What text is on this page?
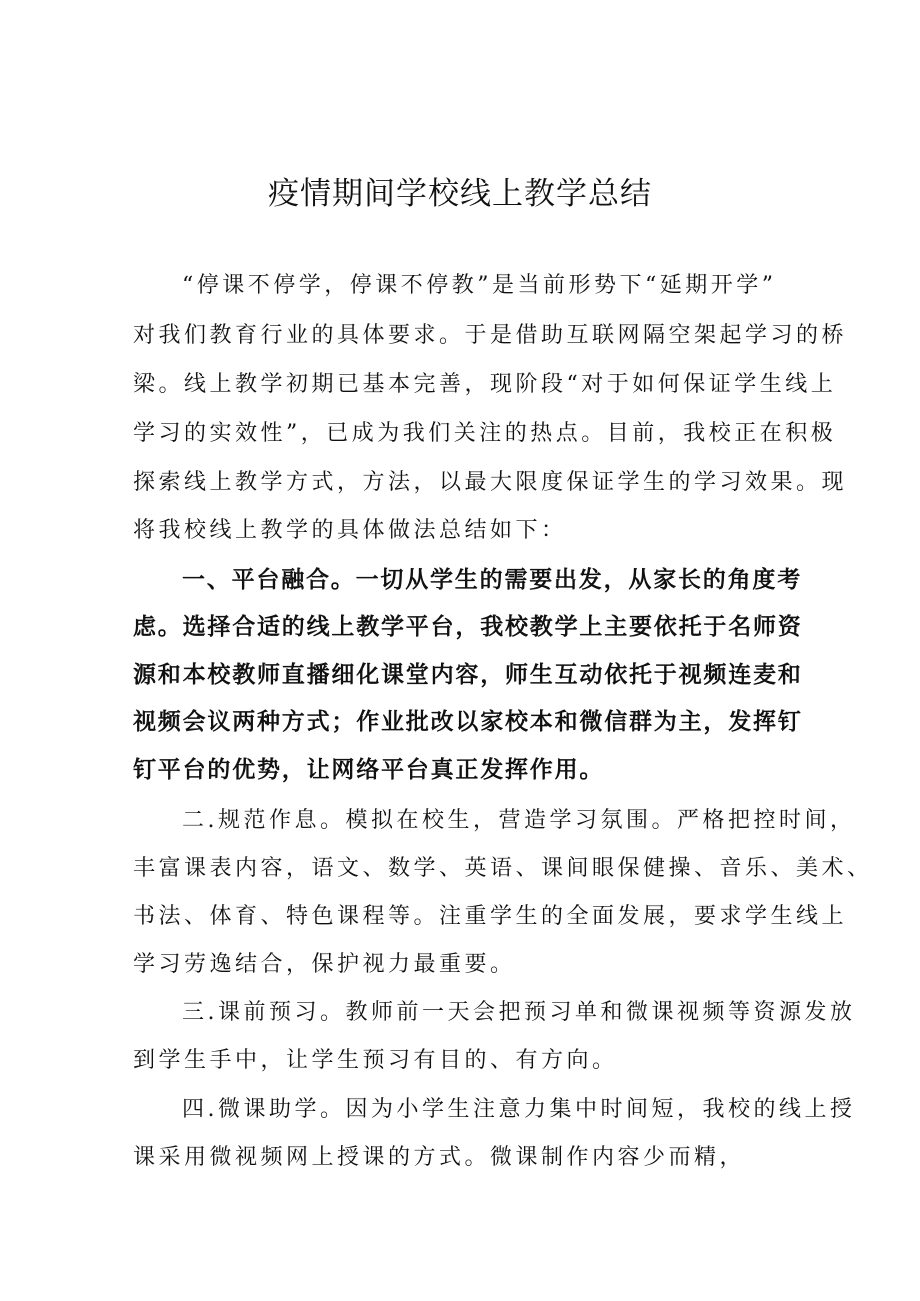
疫情期间学校线上教学总结
“停课不停学，停课不停教”是当前形势下“延期开学”
对我们教育行业的具体要求。于是借助互联网隔空架起学习的桥
梁。线上教学初期已基本完善，现阶段“对于如何保证学生线上
学习的实效性”，已成为我们关注的热点。目前，我校正在积极
探索线上教学方式，方法，以最大限度保证学生的学习效果。现
将我校线上教学的具体做法总结如下：
一、平台融合。一切从学生的需要出发，从家长的角度考
虑。选择合适的线上教学平台，我校教学上主要依托于名师资
源和本校教师直播细化课堂内容，师生互动依托于视频连麦和
视频会议两种方式；作业批改以家校本和微信群为主，发挥钉
钉平台的优势，让网络平台真正发挥作用。
二.规范作息。模拟在校生，营造学习氛围。严格把控时间，
丰富课表内容，语文、数学、英语、课间眼保健操、音乐、美术、
书法、体育、特色课程等。注重学生的全面发展，要求学生线上
学习劳逸结合，保护视力最重要。
三.课前预习。教师前一天会把预习单和微课视频等资源发放
到学生手中，让学生预习有目的、有方向。
四.微课助学。因为小学生注意力集中时间短，我校的线上授
课采用微视频网上授课的方式。微课制作内容少而精，
